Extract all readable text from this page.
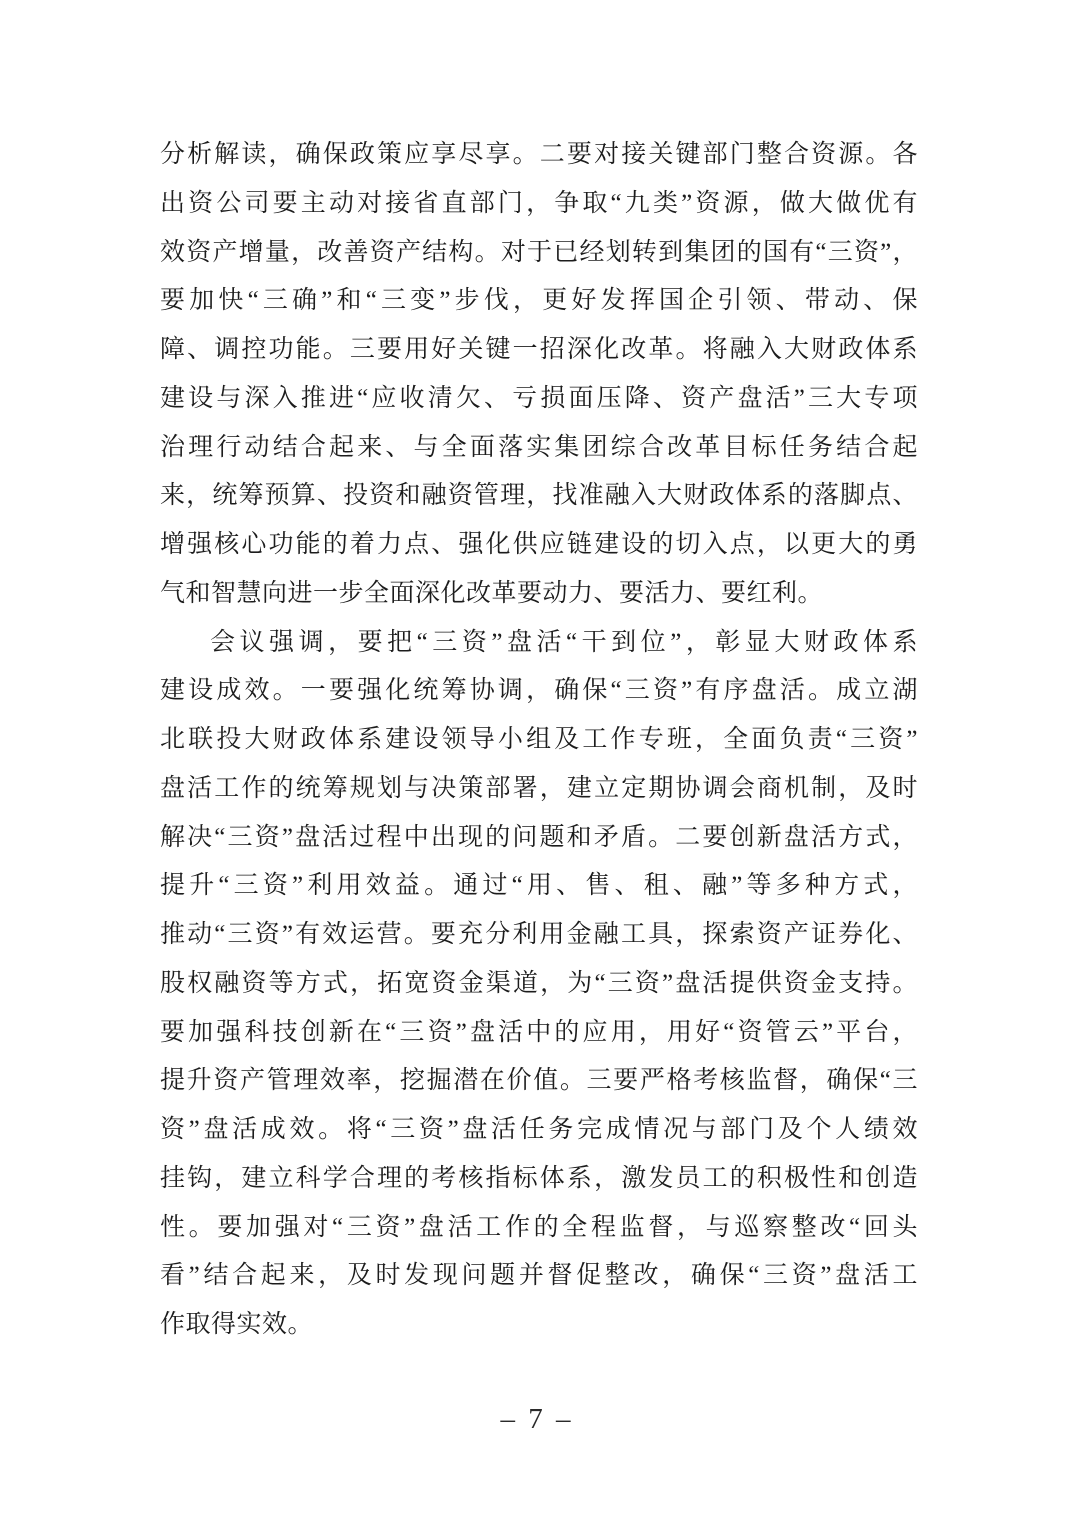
分析解读，确保政策应享尽享。二要对接关键部门整合资源。各
出资公司要主动对接省直部门，争取“九类”资源，做大做优有
效资产增量，改善资产结构。对于已经划转到集团的国有“三资”，
要加快“三确”和“三变”步伐，更好发挥国企引领、带动、保
障、调控功能。三要用好关键一招深化改革。将融入大财政体系
建设与深入推进“应收清欠、亏损面压降、资产盘活”三大专项
治理行动结合起来、与全面落实集团综合改革目标任务结合起
来，统筹预算、投资和融资管理，找准融入大财政体系的落脚点、
增强核心功能的着力点、强化供应链建设的切入点，以更大的勇
气和智慧向进一步全面深化改革要动力、要活力、要红利。
会议强调，要把“三资”盘活“干到位”，彰显大财政体系
建设成效。一要强化统筹协调，确保“三资”有序盘活。成立湖
北联投大财政体系建设领导小组及工作专班，全面负责“三资”
盘活工作的统筹规划与决策部署，建立定期协调会商机制，及时
解决“三资”盘活过程中出现的问题和矛盾。二要创新盘活方式，
提升“三资”利用效益。通过“用、售、租、融”等多种方式，
推动“三资”有效运营。要充分利用金融工具，探索资产证券化、
股权融资等方式，拓宽资金渠道，为“三资”盘活提供资金支持。
要加强科技创新在“三资”盘活中的应用，用好“资管云”平台，
提升资产管理效率，挖掘潜在价值。三要严格考核监督，确保“三
资”盘活成效。将“三资”盘活任务完成情况与部门及个人绩效
挂钩，建立科学合理的考核指标体系，激发员工的积极性和创造
性。要加强对“三资”盘活工作的全程监督，与巡察整改“回头
看”结合起来，及时发现问题并督促整改，确保“三资”盘活工
作取得实效。
– 7 –
